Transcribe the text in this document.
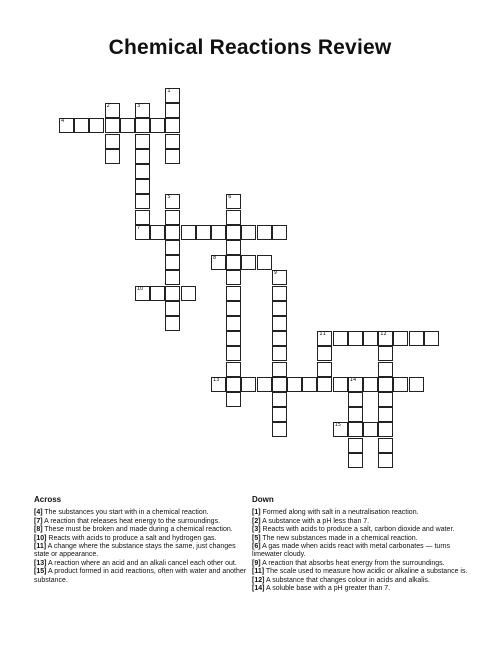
Chemical Reactions Review
4
7
8
10
11	12
13	14
15
1
2	3
5	6
9
Across

[4] The substances you start with in a chemical reaction.

[7] A reaction that releases heat energy to the surroundings.

[8] These must be broken and made during a chemical reaction.

[10] Reacts with acids to produce a salt and hydrogen gas.

[11] A change where the substance stays the same, just changes state or appearance.

[13] A reaction where an acid and an alkali cancel each other out.

[15] A product formed in acid reactions, often with water and another substance.

Down

[1] Formed along with salt in a neutralisation reaction.

[2] A substance with a pH less than 7.

[3] Reacts with acids to produce a salt, carbon dioxide and water.

[5] The new substances made in a chemical reaction.

[6] A gas made when acids react with metal carbonates — turns limewater cloudy.

[9] A reaction that absorbs heat energy from the surroundings.

[11] The scale used to measure how acidic or alkaline a substance is.

[12] A substance that changes colour in acids and alkalis.

[14] A soluble base with a pH greater than 7.
